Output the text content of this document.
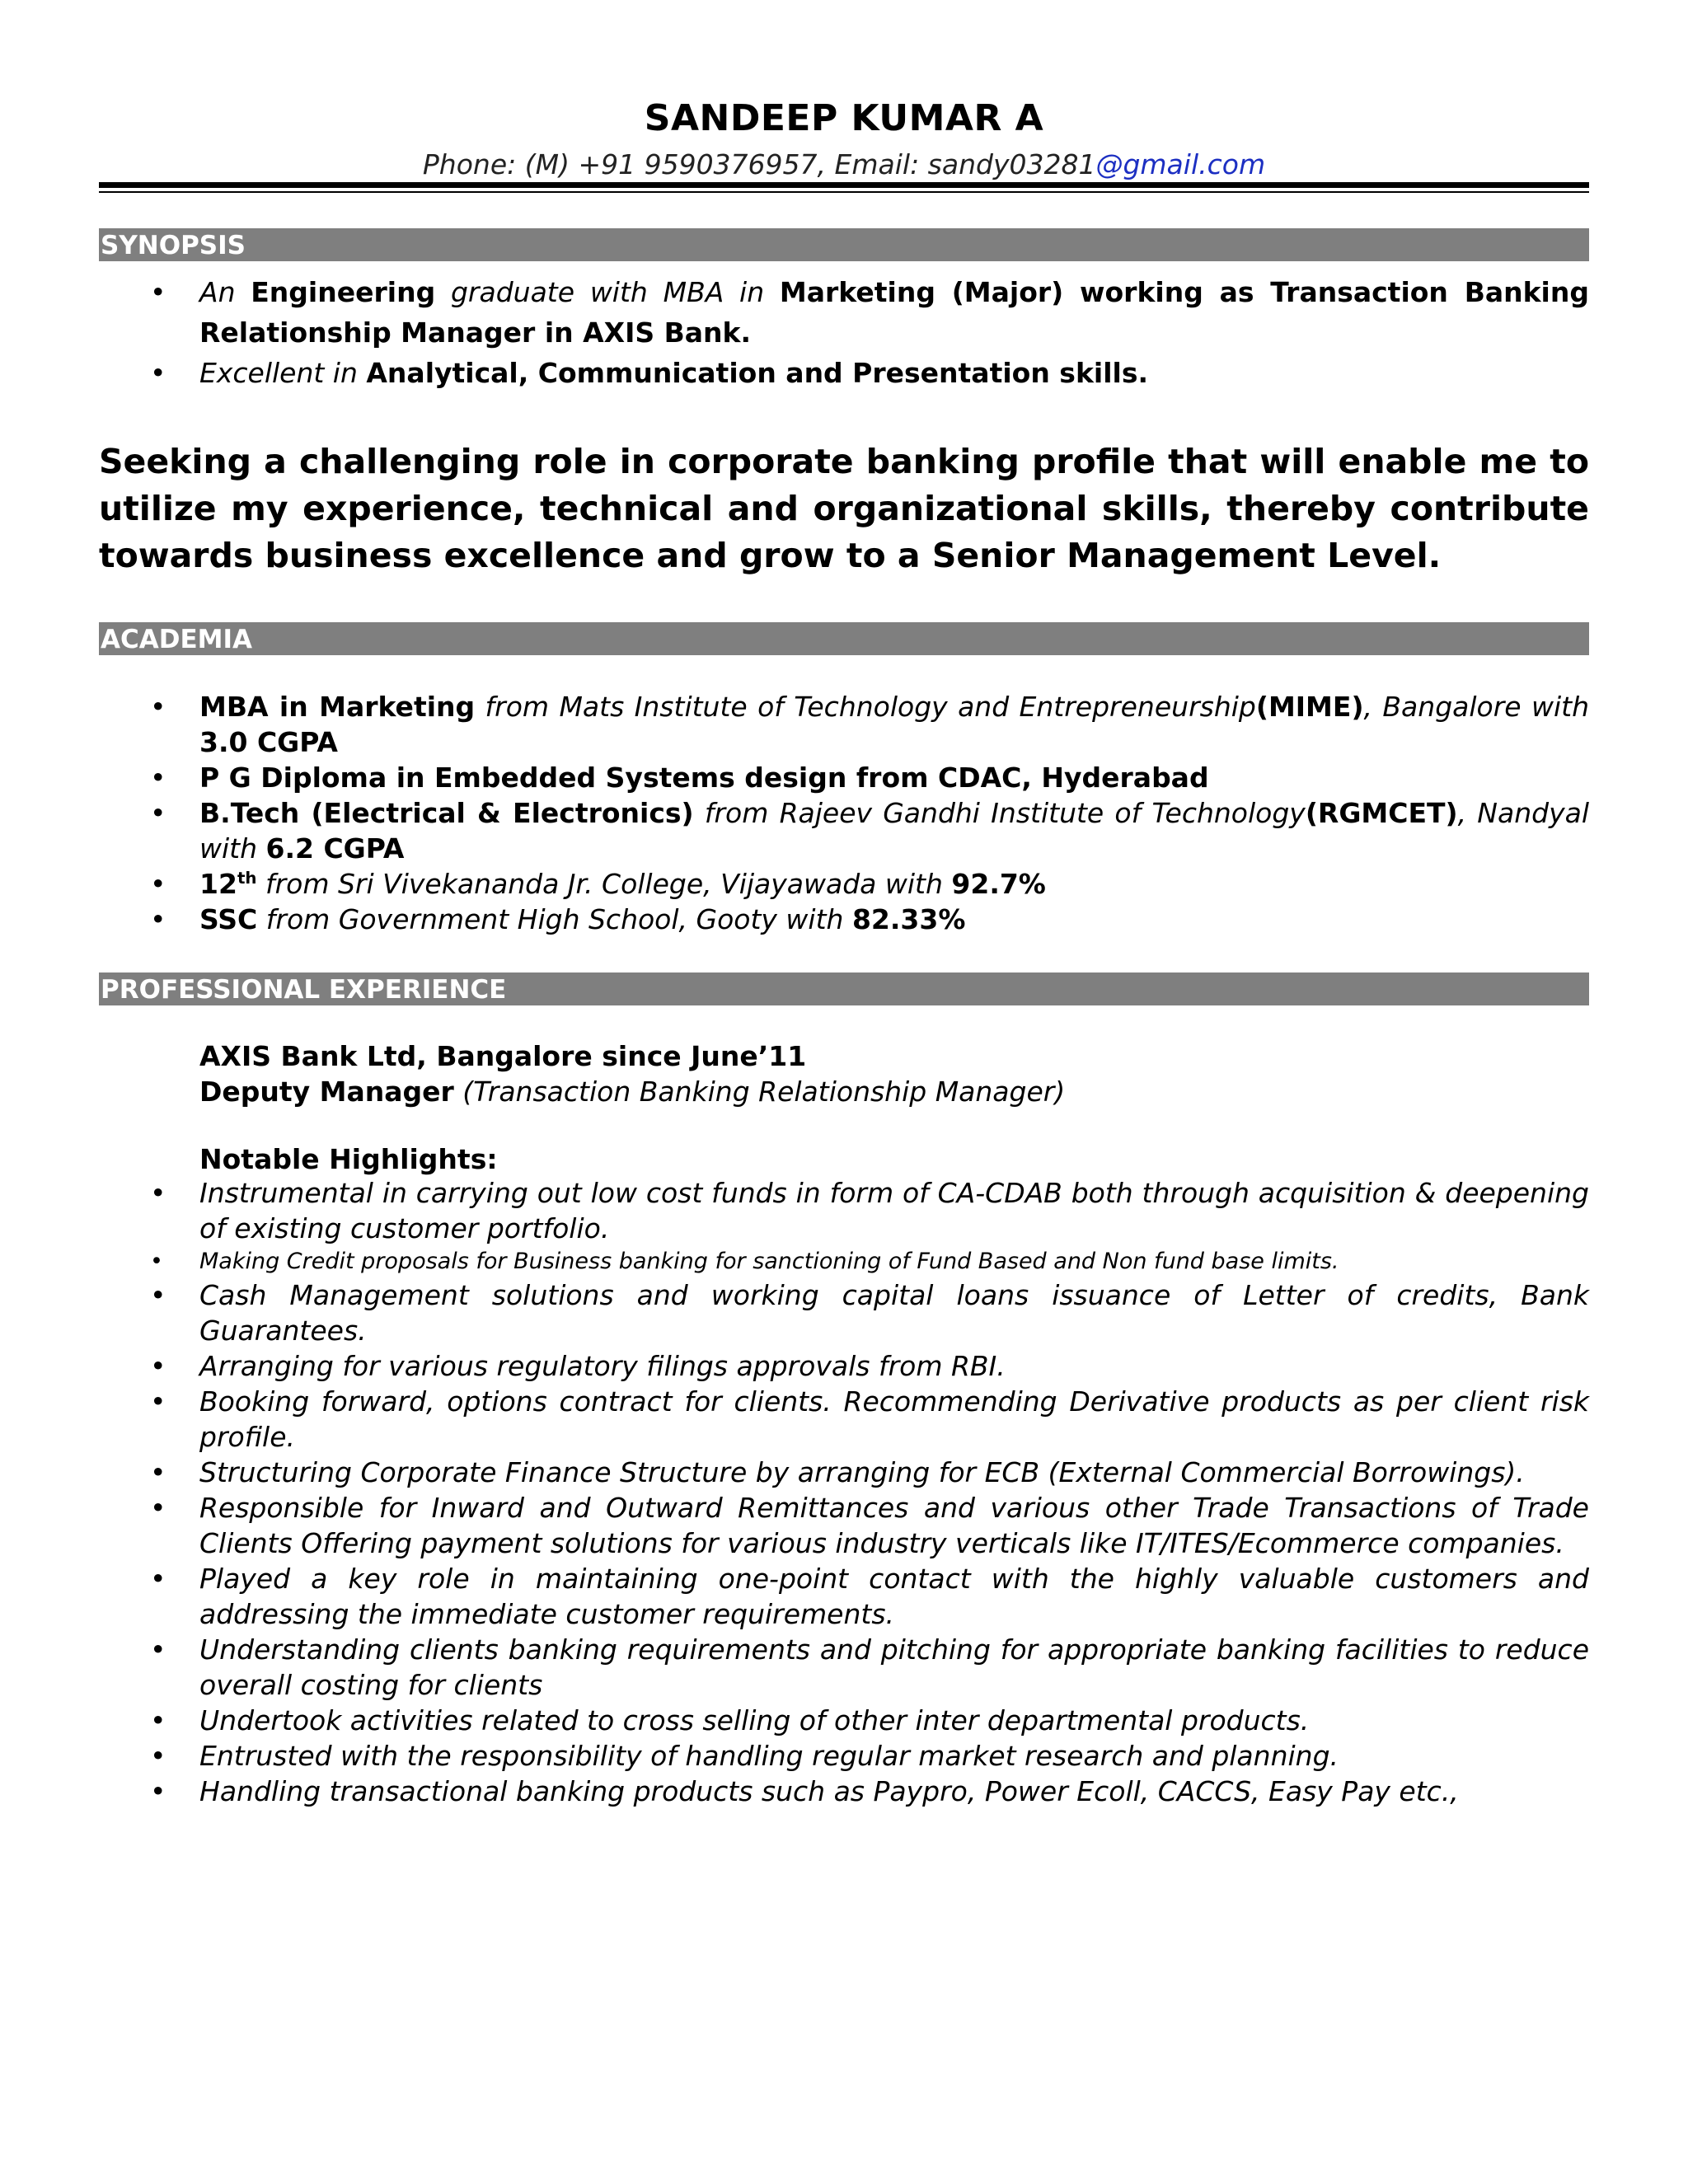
SANDEEP KUMAR A
Phone: (M) +91 9590376957, Email: sandy03281@gmail.com
SYNOPSIS
• An Engineering graduate with MBA in Marketing (Major) working as Transaction Banking Relationship Manager in AXIS Bank.
• Excellent in Analytical, Communication and Presentation skills.
Seeking a challenging role in corporate banking profile that will enable me to utilize my experience, technical and organizational skills, thereby contribute towards business excellence and grow to a Senior Management Level.
ACADEMIA
• MBA in Marketing from Mats Institute of Technology and Entrepreneurship(MIME), Bangalore with 3.0 CGPA
• P G Diploma in Embedded Systems design from CDAC, Hyderabad
• B.Tech (Electrical & Electronics) from Rajeev Gandhi Institute of Technology(RGMCET), Nandyal with 6.2 CGPA
• 12th from Sri Vivekananda Jr. College, Vijayawada with 92.7%
• SSC from Government High School, Gooty with 82.33%
PROFESSIONAL EXPERIENCE
AXIS Bank Ltd, Bangalore since June’11
Deputy Manager (Transaction Banking Relationship Manager)
Notable Highlights:
• Instrumental in carrying out low cost funds in form of CA-CDAB both through acquisition & deepening of existing customer portfolio.
• Making Credit proposals for Business banking for sanctioning of Fund Based and Non fund base limits.
• Cash Management solutions and working capital loans issuance of Letter of credits, Bank Guarantees.
• Arranging for various regulatory filings approvals from RBI.
• Booking forward, options contract for clients. Recommending Derivative products as per client risk profile.
• Structuring Corporate Finance Structure by arranging for ECB (External Commercial Borrowings).
• Responsible for Inward and Outward Remittances and various other Trade Transactions of Trade Clients Offering payment solutions for various industry verticals like IT/ITES/Ecommerce companies.
• Played a key role in maintaining one-point contact with the highly valuable customers and addressing the immediate customer requirements.
• Understanding clients banking requirements and pitching for appropriate banking facilities to reduce overall costing for clients
• Undertook activities related to cross selling of other inter departmental products.
• Entrusted with the responsibility of handling regular market research and planning.
• Handling transactional banking products such as Paypro, Power Ecoll, CACCS, Easy Pay etc.,
